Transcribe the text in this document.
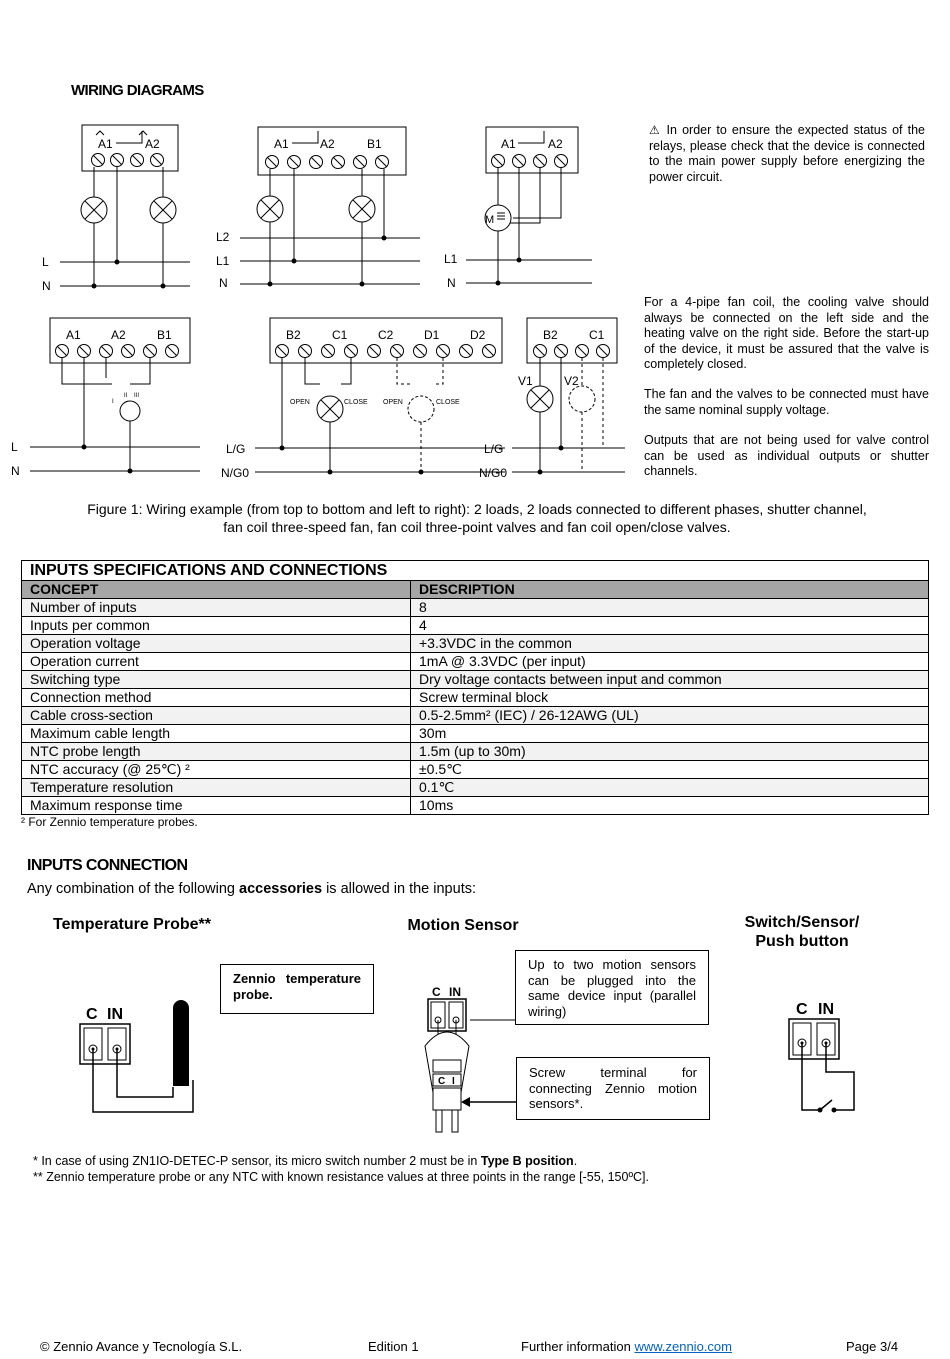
WIRING DIAGRAMS
A1	A2
L
N
A1	A2	B1
L2
L1
N
A1	A2
M
L1
N
A1	A2	B1
I
II III
L
N
B2	C1	C2	D1	D2
OPEN	CLOSE OPEN	CLOSE
L/G
N/G0
B2	C1
V1	V2
L/G
N/G0
⚠ In order to ensure the expected status of the relays, please check that the device is connected to the main power supply before energizing the power circuit.
For a 4-pipe fan coil, the cooling valve should always be connected on the left side and the heating valve on the right side. Before the start-up of the device, it must be assured that the valve is completely closed.
The fan and the valves to be connected must have the same nominal supply voltage.
Outputs that are not being used for valve control can be used as individual outputs or shutter channels.
Figure 1: Wiring example (from top to bottom and left to right): 2 loads, 2 loads connected to different phases, shutter channel,
fan coil three-speed fan, fan coil three-point valves and fan coil open/close valves.
INPUTS SPECIFICATIONS AND CONNECTIONS	
CONCEPT	DESCRIPTION
Number of inputs	8
Inputs per common	4
Operation voltage	+3.3VDC in the common
Operation current	1mA @ 3.3VDC (per input)
Switching type	Dry voltage contacts between input and common
Connection method	Screw terminal block
Cable cross-section	0.5-2.5mm² (IEC) / 26-12AWG (UL)
Maximum cable length	30m
NTC probe length	1.5m (up to 30m)
NTC accuracy (@ 25℃) ²	±0.5℃
Temperature resolution	0.1℃
Maximum response time	10ms
² For Zennio temperature probes.
INPUTS CONNECTION
Any combination of the following accessories is allowed in the inputs:
Temperature Probe**	Motion Sensor	Switch/Sensor/
Push button
Zennio temperature probe.
Up to two motion sensors can be plugged into the same device input (parallel wiring)
Screw terminal for connecting Zennio motion sensors*.
C IN
C IN
C I
C IN
* In case of using ZN1IO-DETEC-P sensor, its micro switch number 2 must be in Type B position.
** Zennio temperature probe or any NTC with known resistance values at three points in the range [-55, 150ºC].
© Zennio Avance y Tecnología S.L.	Edition 1	Further information www.zennio.com	Page 3/4
